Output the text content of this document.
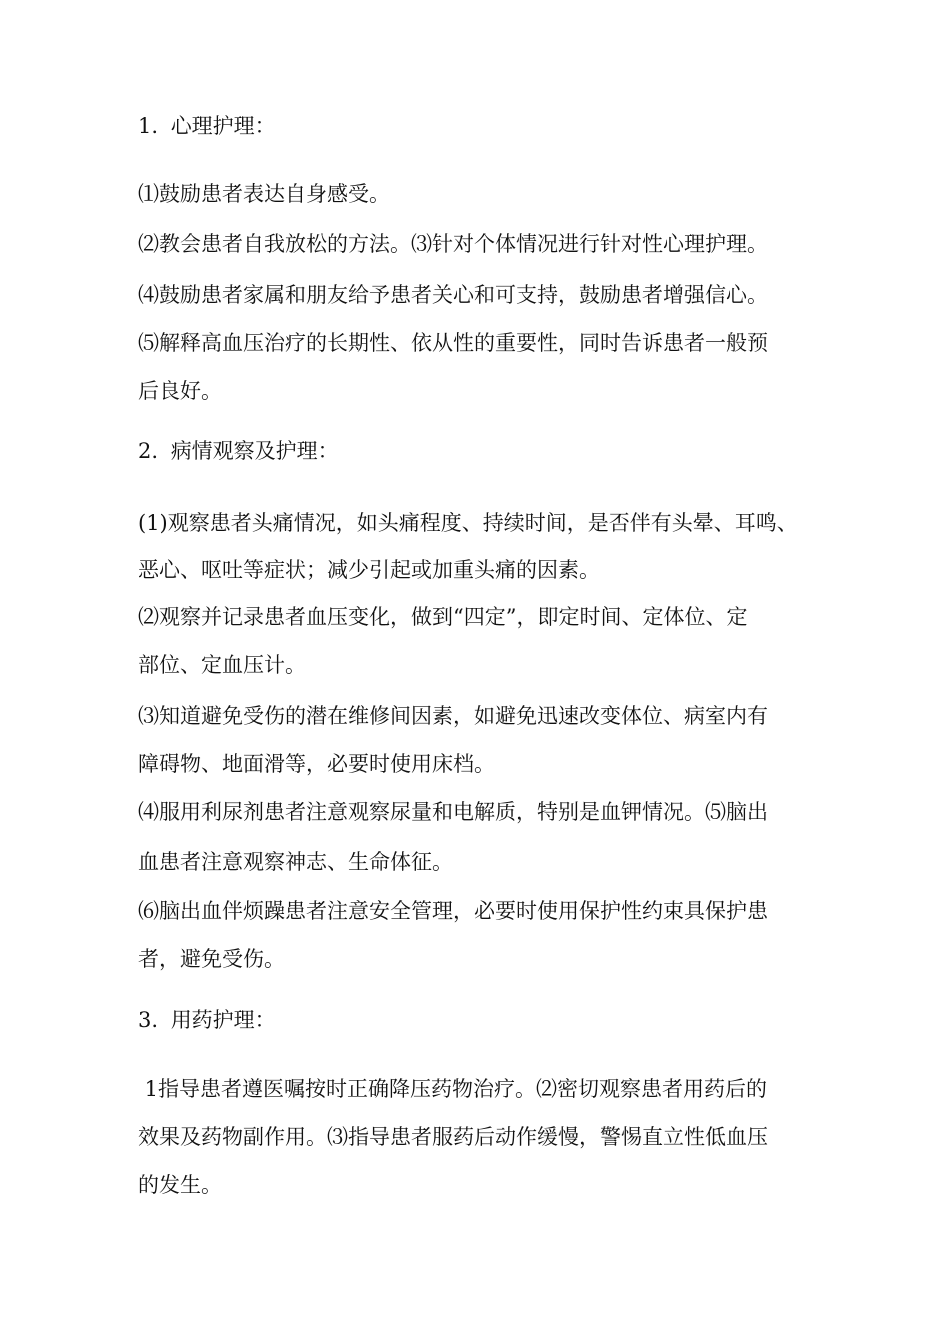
1. 心理护理：
⑴鼓励患者表达自身感受。
⑵教会患者自我放松的方法。⑶针对个体情况进行针对性心理护理。
⑷鼓励患者家属和朋友给予患者关心和可支持，鼓励患者增强信心。
⑸解释高血压治疗的长期性、依从性的重要性，同时告诉患者一般预
后良好。
2. 病情观察及护理：
(1)观察患者头痛情况，如头痛程度、持续时间，是否伴有头晕、耳鸣、
恶心、呕吐等症状；减少引起或加重头痛的因素。
⑵观察并记录患者血压变化，做到“四定”，即定时间、定体位、定
部位、定血压计。
⑶知道避免受伤的潜在维修间因素，如避免迅速改变体位、病室内有
障碍物、地面滑等，必要时使用床档。
⑷服用利尿剂患者注意观察尿量和电解质，特别是血钾情况。⑸脑出
血患者注意观察神志、生命体征。
⑹脑出血伴烦躁患者注意安全管理，必要时使用保护性约束具保护患
者，避免受伤。
3. 用药护理：
1指导患者遵医嘱按时正确降压药物治疗。⑵密切观察患者用药后的
效果及药物副作用。⑶指导患者服药后动作缓慢，警惕直立性低血压
的发生。
